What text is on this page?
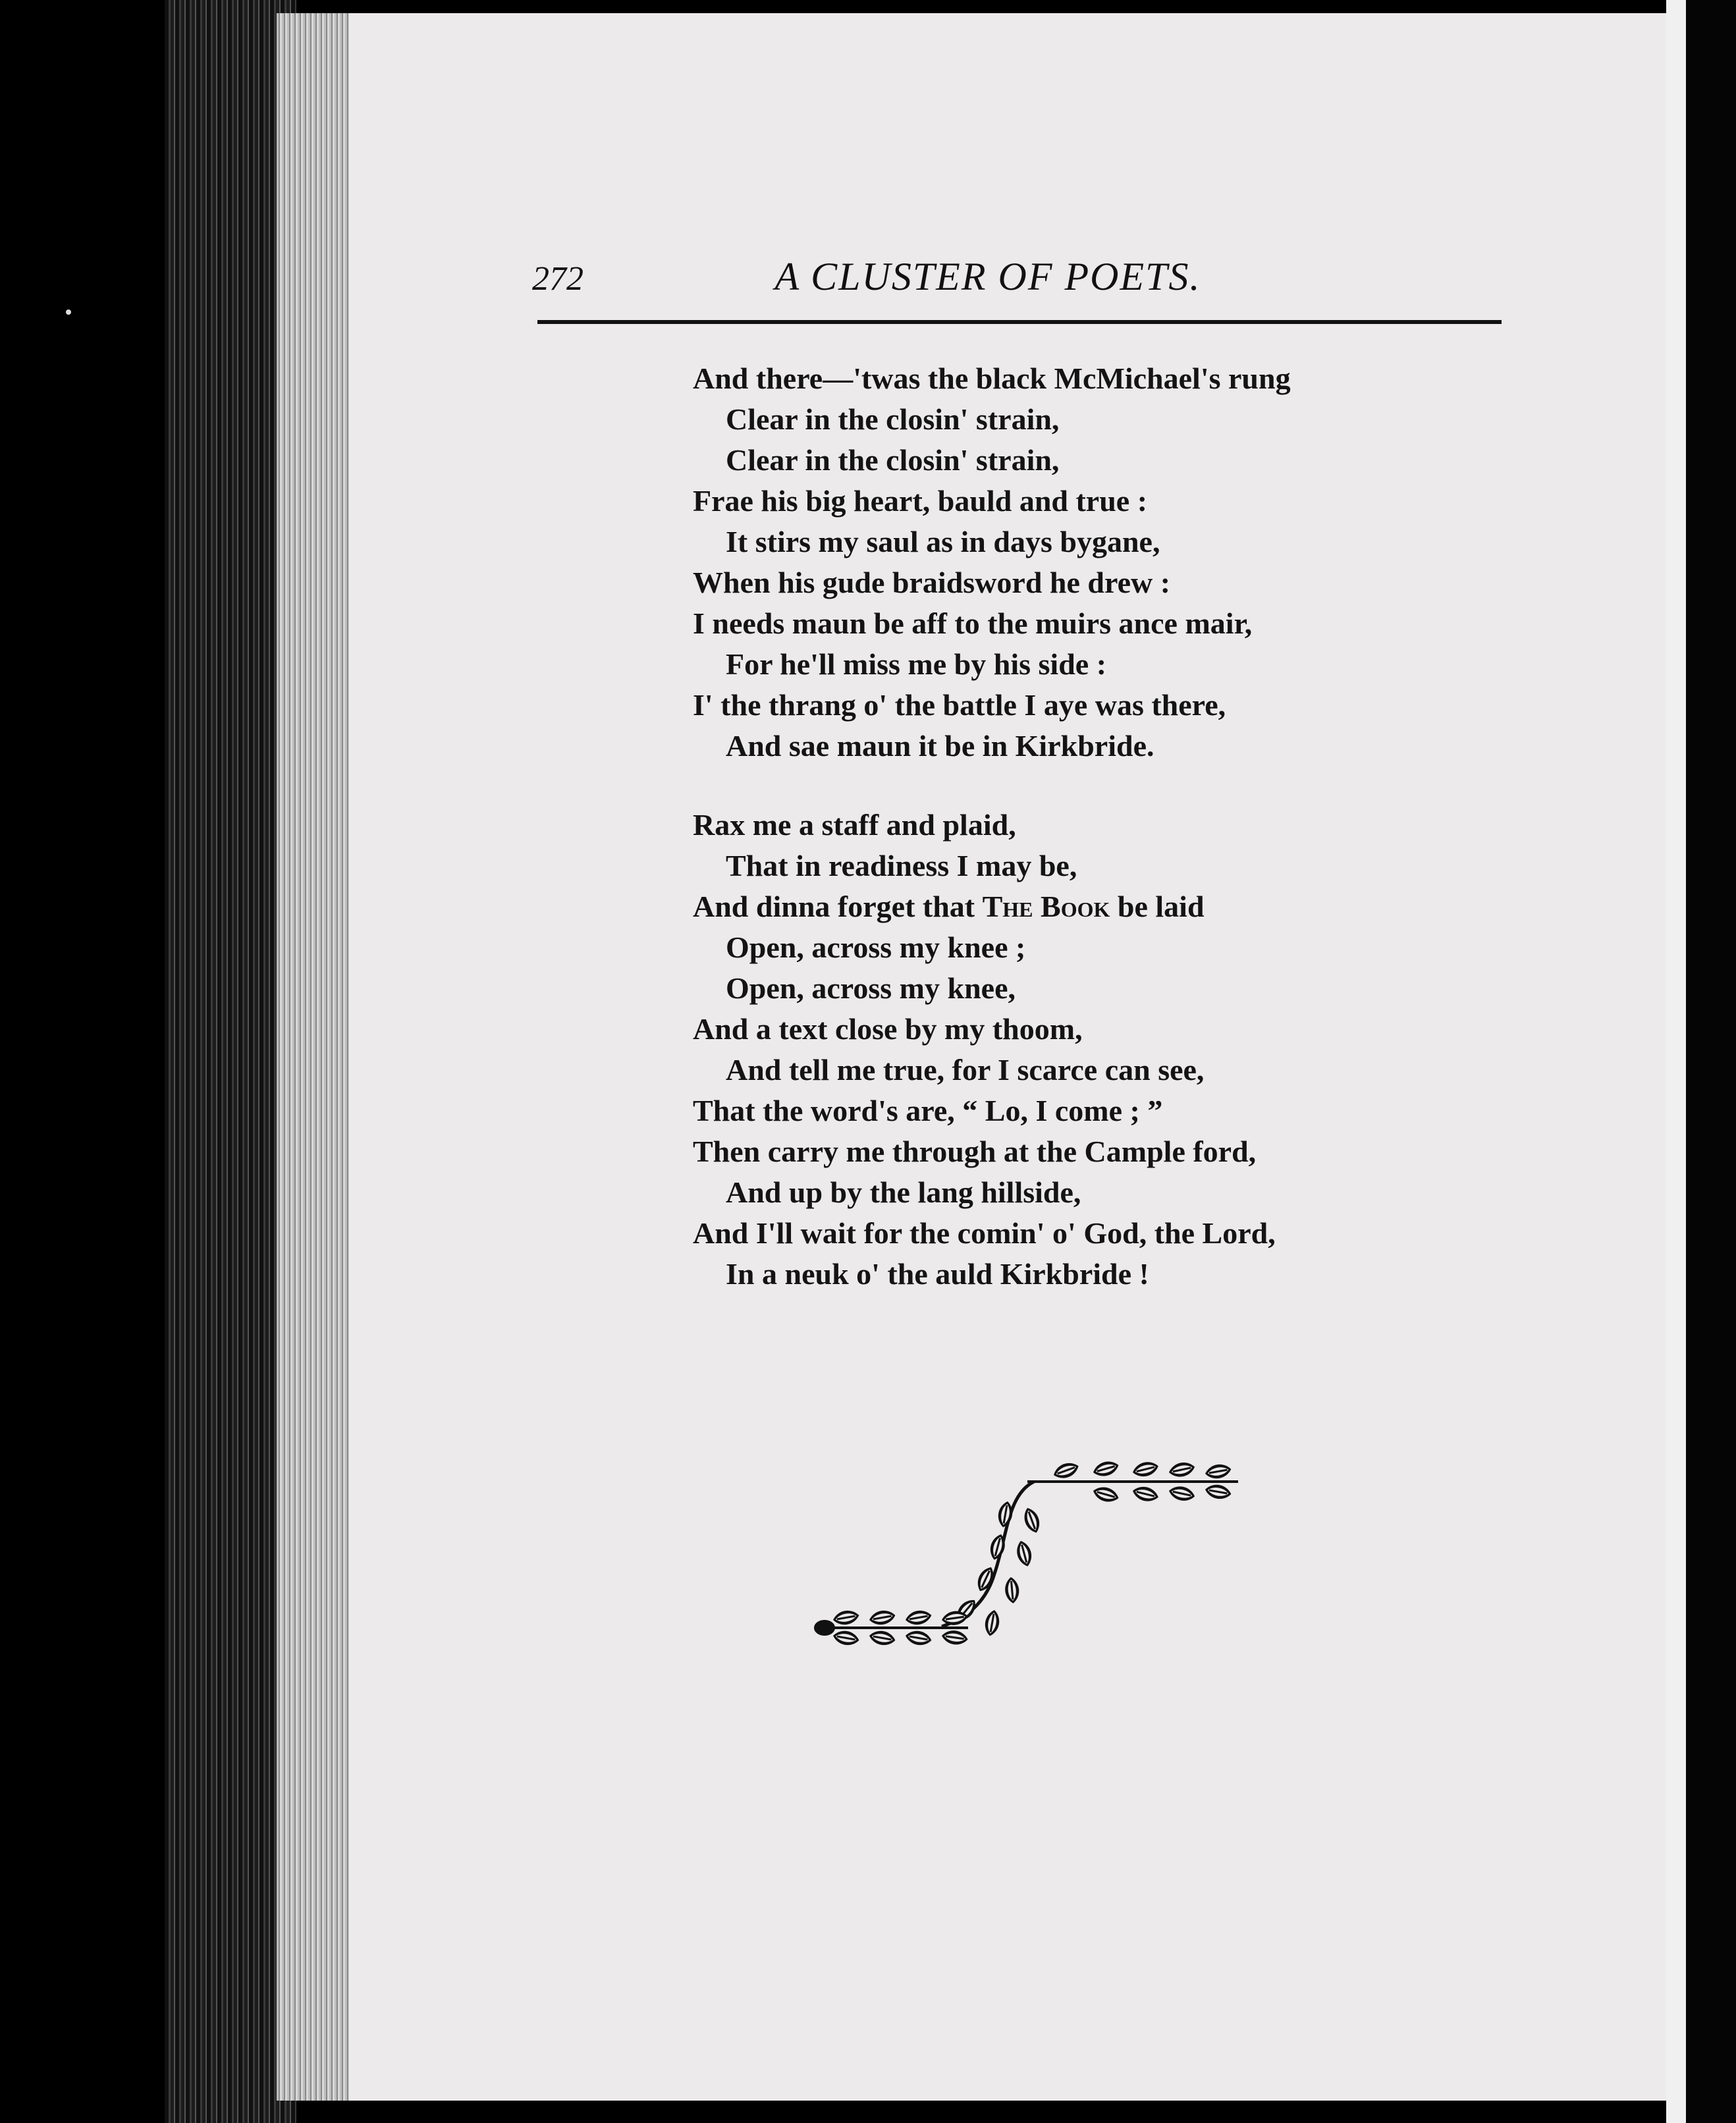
272	A CLUSTER OF POETS.
And there—'twas the black McMichael's rung
Clear in the closin' strain,
Clear in the closin' strain,
Frae his big heart, bauld and true :
It stirs my saul as in days bygane,
When his gude braidsword he drew :
I needs maun be aff to the muirs ance mair,
For he'll miss me by his side :
I' the thrang o' the battle I aye was there,
And sae maun it be in Kirkbride.
Rax me a staff and plaid,
That in readiness I may be,
And dinna forget that The Book be laid
Open, across my knee ;
Open, across my knee,
And a text close by my thoom,
And tell me true, for I scarce can see,
That the word's are, “ Lo, I come ; ”
Then carry me through at the Cample ford,
And up by the lang hillside,
And I'll wait for the comin' o' God, the Lord,
In a neuk o' the auld Kirkbride !
